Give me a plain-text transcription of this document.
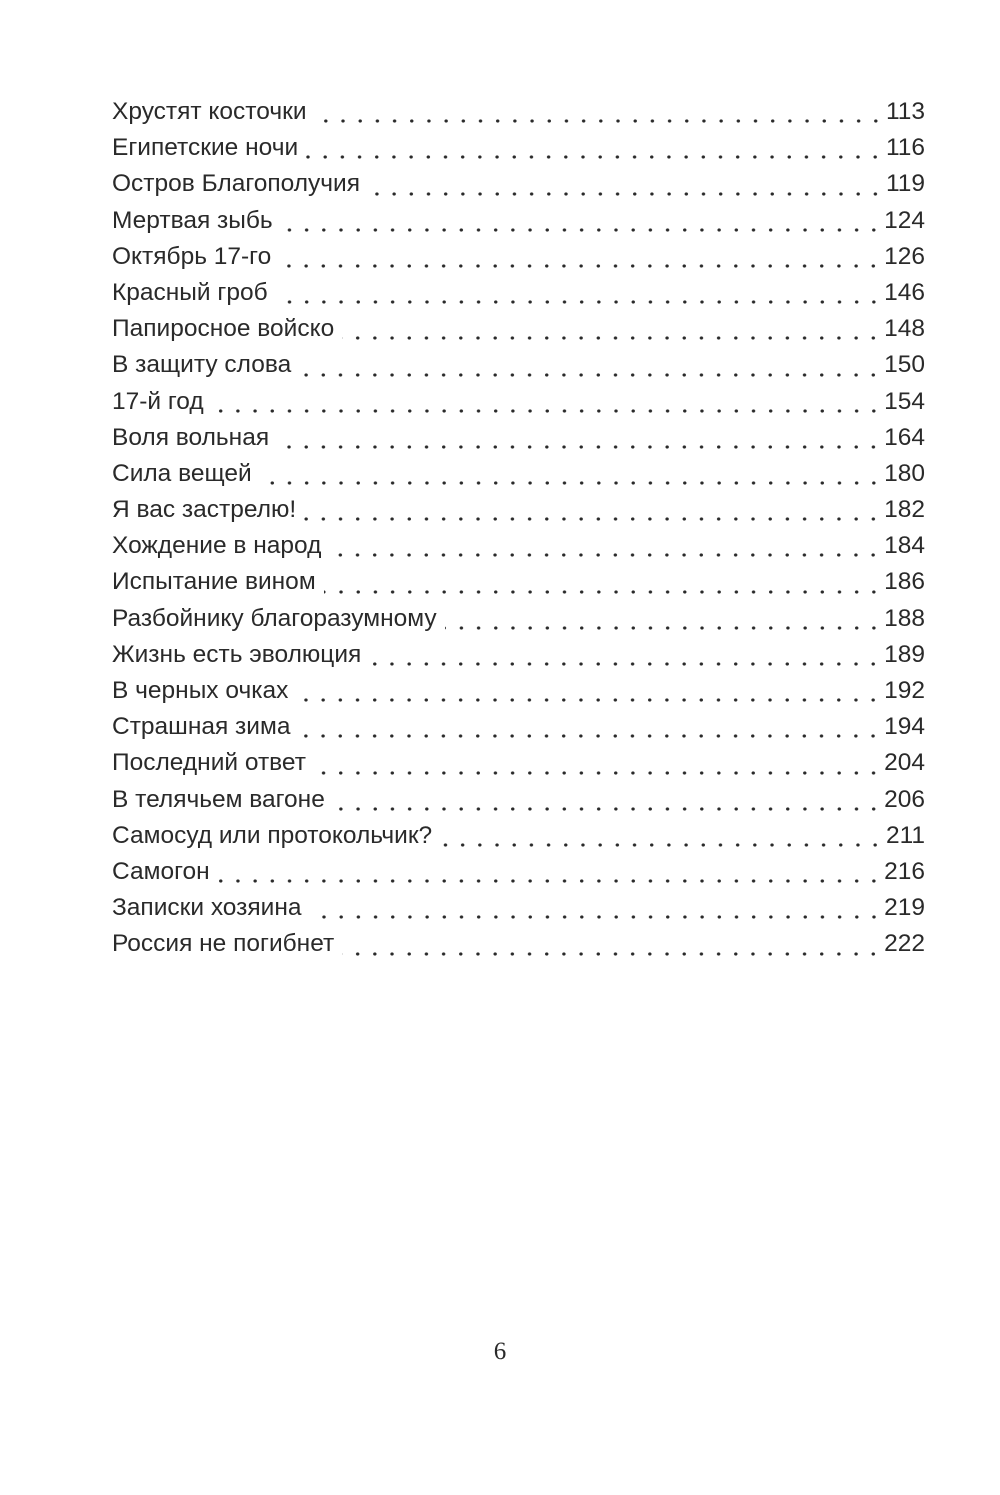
Хрустят косточки	113
Египетские ночи	116
Остров Благополучия	119
Мертвая зыбь	124
Октябрь 17-го	126
Красный гроб	146
Папиросное войско	148
В защиту слова	150
17-й год	154
Воля вольная	164
Сила вещей	180
Я вас застрелю!	182
Хождение в народ	184
Испытание вином	186
Разбойнику благоразумному	188
Жизнь есть эволюция	189
В черных очках	192
Страшная зима	194
Последний ответ	204
В телячьем вагоне	206
Самосуд или протокольчик?	211
Самогон	216
Записки хозяина	219
Россия не погибнет	222
6
